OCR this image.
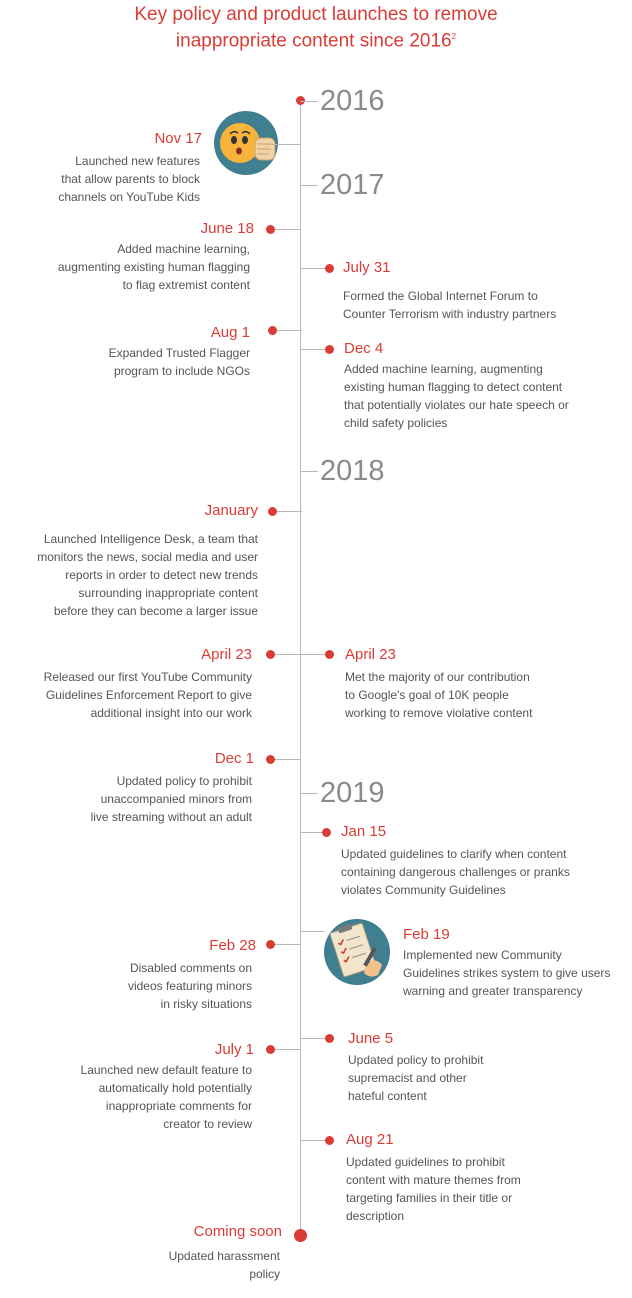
Key policy and product launches to remove
inappropriate content since 2016$^2$
2016
2017
2018
2019
Nov 17
Launched new features
that allow parents to block
channels on YouTube Kids
June 18
Added machine learning,
augmenting existing human flagging
to flag extremist content
July 31
Formed the Global Internet Forum to
Counter Terrorism with industry partners
Aug 1
Expanded Trusted Flagger
program to include NGOs
Dec 4
Added machine learning, augmenting
existing human flagging to detect content
that potentially violates our hate speech or
child safety policies
January
Launched Intelligence Desk, a team that
monitors the news, social media and user
reports in order to detect new trends
surrounding inappropriate content
before they can become a larger issue
April 23
Released our first YouTube Community
Guidelines Enforcement Report to give
additional insight into our work
April 23
Met the majority of our contribution
to Google's goal of 10K people
working to remove violative content
Dec 1
Updated policy to prohibit
unaccompanied minors from
live streaming without an adult
Jan 15
Updated guidelines to clarify when content
containing dangerous challenges or pranks
violates Community Guidelines
Feb 28
Disabled comments on
videos featuring minors
in risky situations
Feb 19
Implemented new Community
Guidelines strikes system to give users
warning and greater transparency
July 1
Launched new default feature to
automatically hold potentially
inappropriate comments for
creator to review
June 5
Updated policy to prohibit
supremacist and other
hateful content
Aug 21
Updated guidelines to prohibit
content with mature themes from
targeting families in their title or
description
Coming soon
Updated harassment
policy
